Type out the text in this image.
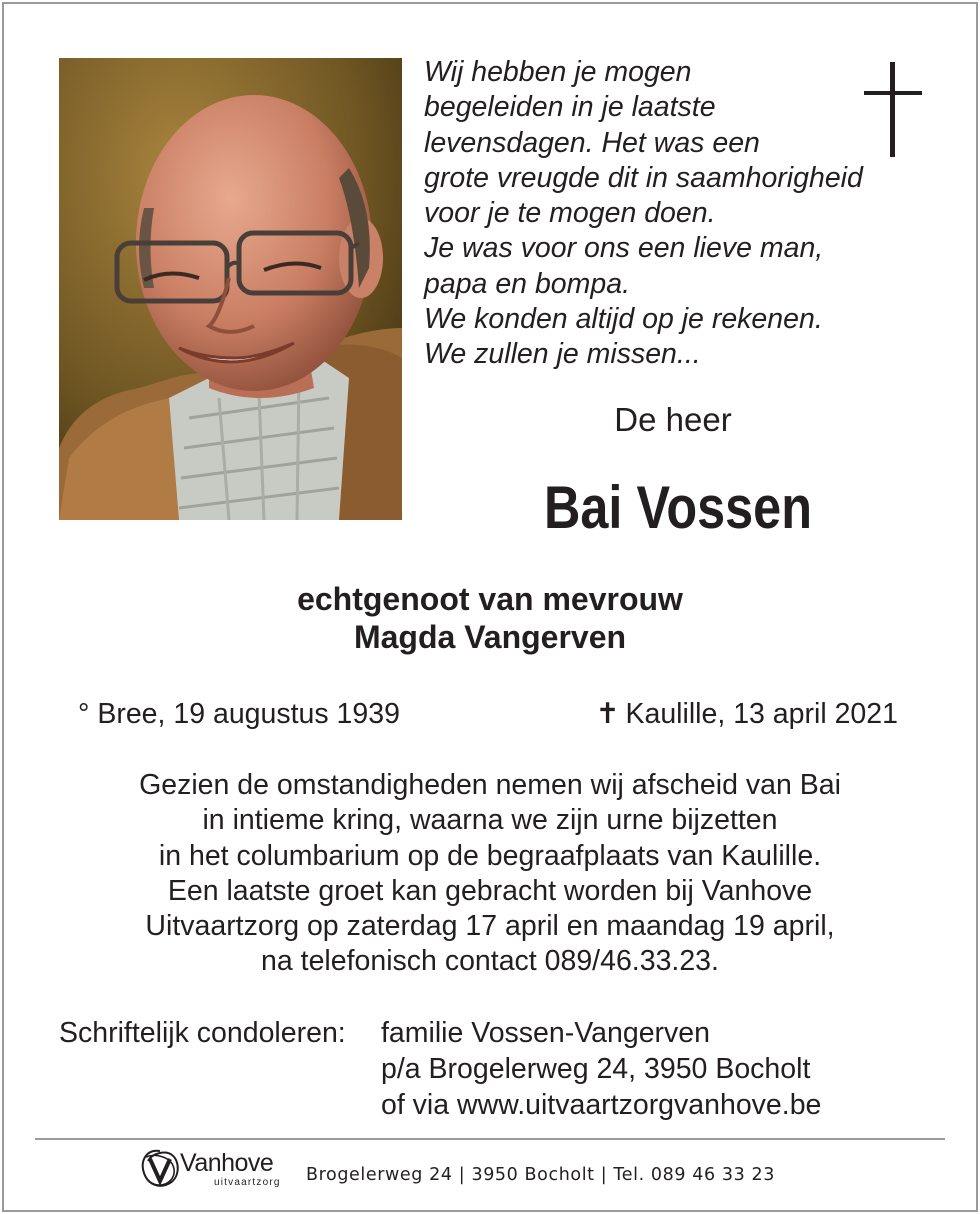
Wij hebben je mogen
begeleiden in je laatste
levensdagen. Het was een
grote vreugde dit in saamhorigheid
voor je te mogen doen.
Je was voor ons een lieve man,
papa en bompa.
We konden altijd op je rekenen.
We zullen je missen...
De heer
Bai Vossen
echtgenoot van mevrouw
Magda Vangerven
° Bree, 19 augustus 1939	✝ Kaulille, 13 april 2021
Gezien de omstandigheden nemen wij afscheid van Bai
in intieme kring, waarna we zijn urne bijzetten
in het columbarium op de begraafplaats van Kaulille.
Een laatste groet kan gebracht worden bij Vanhove
Uitvaartzorg op zaterdag 17 april en maandag 19 april,
na telefonisch contact 089/46.33.23.
Schriftelijk condoleren: familie Vossen-Vangerven
p/a Brogelerweg 24, 3950 Bocholt
of via www.uitvaartzorgvanhove.be
Vanhove
uitvaartzorg Brogelerweg 24 | 3950 Bocholt | Tel. 089 46 33 23
